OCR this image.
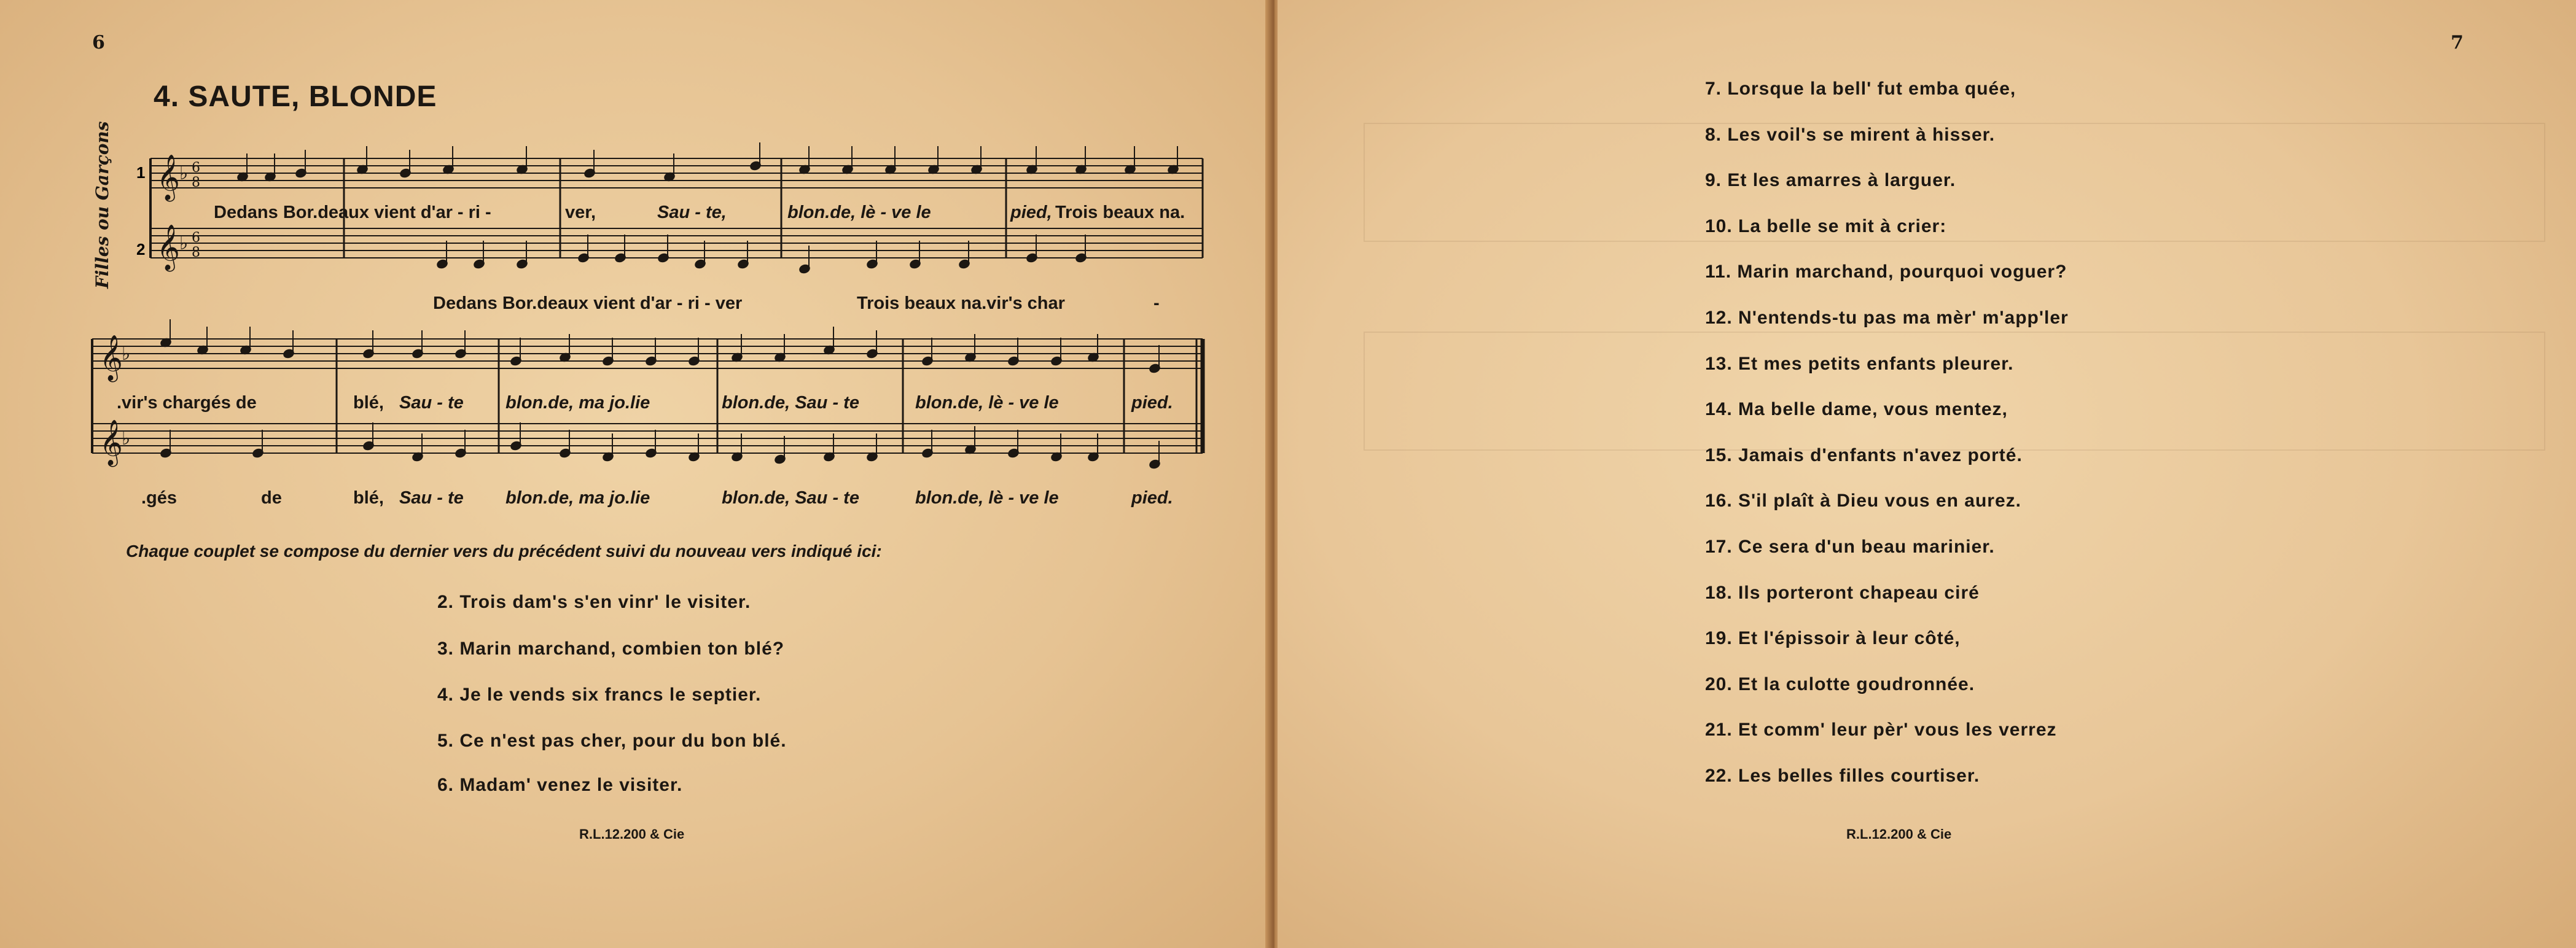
6
4. SAUTE, BLONDE
Filles ou Garçons 𝄞
𝄞
♭
♭
6
8
6
8
𝄞
𝄞
♭
♭
1
2
Dedans Bor.deaux vient d'ar - ri -	ver,	Sau - te,	blon.de, lè - ve le	pied, Trois beaux na.
Dedans Bor.deaux vient d'ar - ri - ver	Trois beaux na.vir's char	-
.vir's chargés de	blé, Sau - te blon.de, ma jo.lie	blon.de, Sau - te	blon.de, lè - ve le	pied.
.gés	de	blé, Sau - te blon.de, ma jo.lie	blon.de, Sau - te	blon.de, lè - ve le	pied.
Chaque couplet se compose du dernier vers du précédent suivi du nouveau vers indiqué ici:
2. Trois dam's s'en vinr' le visiter.
3. Marin marchand, combien ton blé?
4. Je le vends six francs le septier.
5. Ce n'est pas cher, pour du bon blé.
6. Madam' venez le visiter.
R.L.12.200 & Cie
7
7. Lorsque la bell' fut emba quée,
8. Les voil's se mirent à hisser.
9. Et les amarres à larguer.
10. La belle se mit à crier:
11. Marin marchand, pourquoi voguer?
12. N'entends-tu pas ma mèr' m'app'ler
13. Et mes petits enfants pleurer.
14. Ma belle dame, vous mentez,
15. Jamais d'enfants n'avez porté.
16. S'il plaît à Dieu vous en aurez.
17. Ce sera d'un beau marinier.
18. Ils porteront chapeau ciré
19. Et l'épissoir à leur côté,
20. Et la culotte goudronnée.
21. Et comm' leur pèr' vous les verrez
22. Les belles filles courtiser.
R.L.12.200 & Cie
